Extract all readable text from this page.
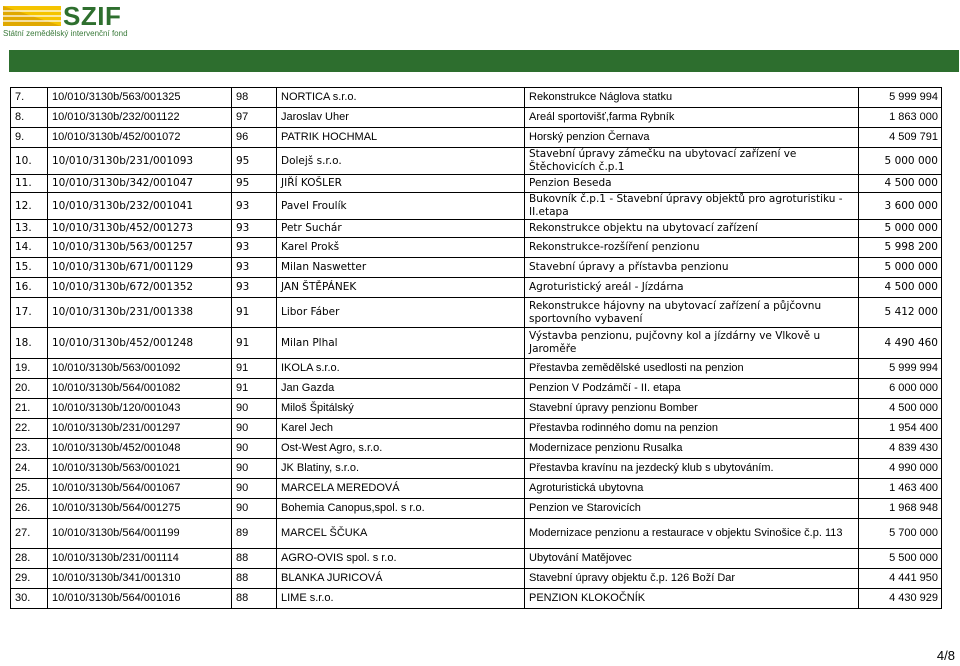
SZIF
Státní zemědělský intervenční fond
7.	10/010/3130b/563/001325	98	NORTICA s.r.o.	Rekonstrukce Náglova statku	5 999 994
8.	10/010/3130b/232/001122	97	Jaroslav Uher	Areál sportovišť,farma Rybník	1 863 000
9.	10/010/3130b/452/001072	96	PATRIK HOCHMAL	Horský penzion Černava	4 509 791
10.	10/010/3130b/231/001093	95	Dolejš s.r.o.	Stavební úpravy zámečku na ubytovací zařízení ve Štěchovicích č.p.1	5 000 000
11.	10/010/3130b/342/001047	95	JIŘÍ KOŠLER	Penzion Beseda	4 500 000
12.	10/010/3130b/232/001041	93	Pavel Froulík	Bukovník č.p.1 - Stavební úpravy objektů pro agroturistiku - II.etapa	3 600 000
13.	10/010/3130b/452/001273	93	Petr Suchár	Rekonstrukce objektu na ubytovací zařízení	5 000 000
14.	10/010/3130b/563/001257	93	Karel Prokš	Rekonstrukce-rozšíření penzionu	5 998 200
15.	10/010/3130b/671/001129	93	Milan Naswetter	Stavební úpravy a přístavba penzionu	5 000 000
16.	10/010/3130b/672/001352	93	JAN ŠTĚPÁNEK	Agroturistický areál - Jízdárna	4 500 000
17.	10/010/3130b/231/001338	91	Libor Fáber	Rekonstrukce hájovny na ubytovací zařízení a půjčovnu sportovního vybavení	5 412 000
18.	10/010/3130b/452/001248	91	Milan Plhal	Výstavba penzionu, pujčovny kol a jízdárny ve Vlkově u Jaroměře	4 490 460
19.	10/010/3130b/563/001092	91	IKOLA s.r.o.	Přestavba zemědělské usedlosti na penzion	5 999 994
20.	10/010/3130b/564/001082	91	Jan Gazda	Penzion V Podzámčí - II. etapa	6 000 000
21.	10/010/3130b/120/001043	90	Miloš Špitálský	Stavební úpravy penzionu Bomber	4 500 000
22.	10/010/3130b/231/001297	90	Karel Jech	Přestavba rodinného domu na penzion	1 954 400
23.	10/010/3130b/452/001048	90	Ost-West Agro, s.r.o.	Modernizace penzionu Rusalka	4 839 430
24.	10/010/3130b/563/001021	90	JK Blatiny, s.r.o.	Přestavba kravínu na jezdecký klub s ubytováním.	4 990 000
25.	10/010/3130b/564/001067	90	MARCELA MEREDOVÁ	Agroturistická ubytovna	1 463 400
26.	10/010/3130b/564/001275	90	Bohemia Canopus,spol. s r.o.	Penzion ve Starovicích	1 968 948
27.	10/010/3130b/564/001199	89	MARCEL ŠČUKA	Modernizace penzionu a restaurace v objektu Svinošice č.p. 113	5 700 000
28.	10/010/3130b/231/001114	88	AGRO-OVIS spol. s r.o.	Ubytování Matějovec	5 500 000
29.	10/010/3130b/341/001310	88	BLANKA JURICOVÁ	Stavební úpravy objektu č.p. 126 Boží Dar	4 441 950
30.	10/010/3130b/564/001016	88	LIME s.r.o.	PENZION KLOKOČNÍK	4 430 929
4/8
